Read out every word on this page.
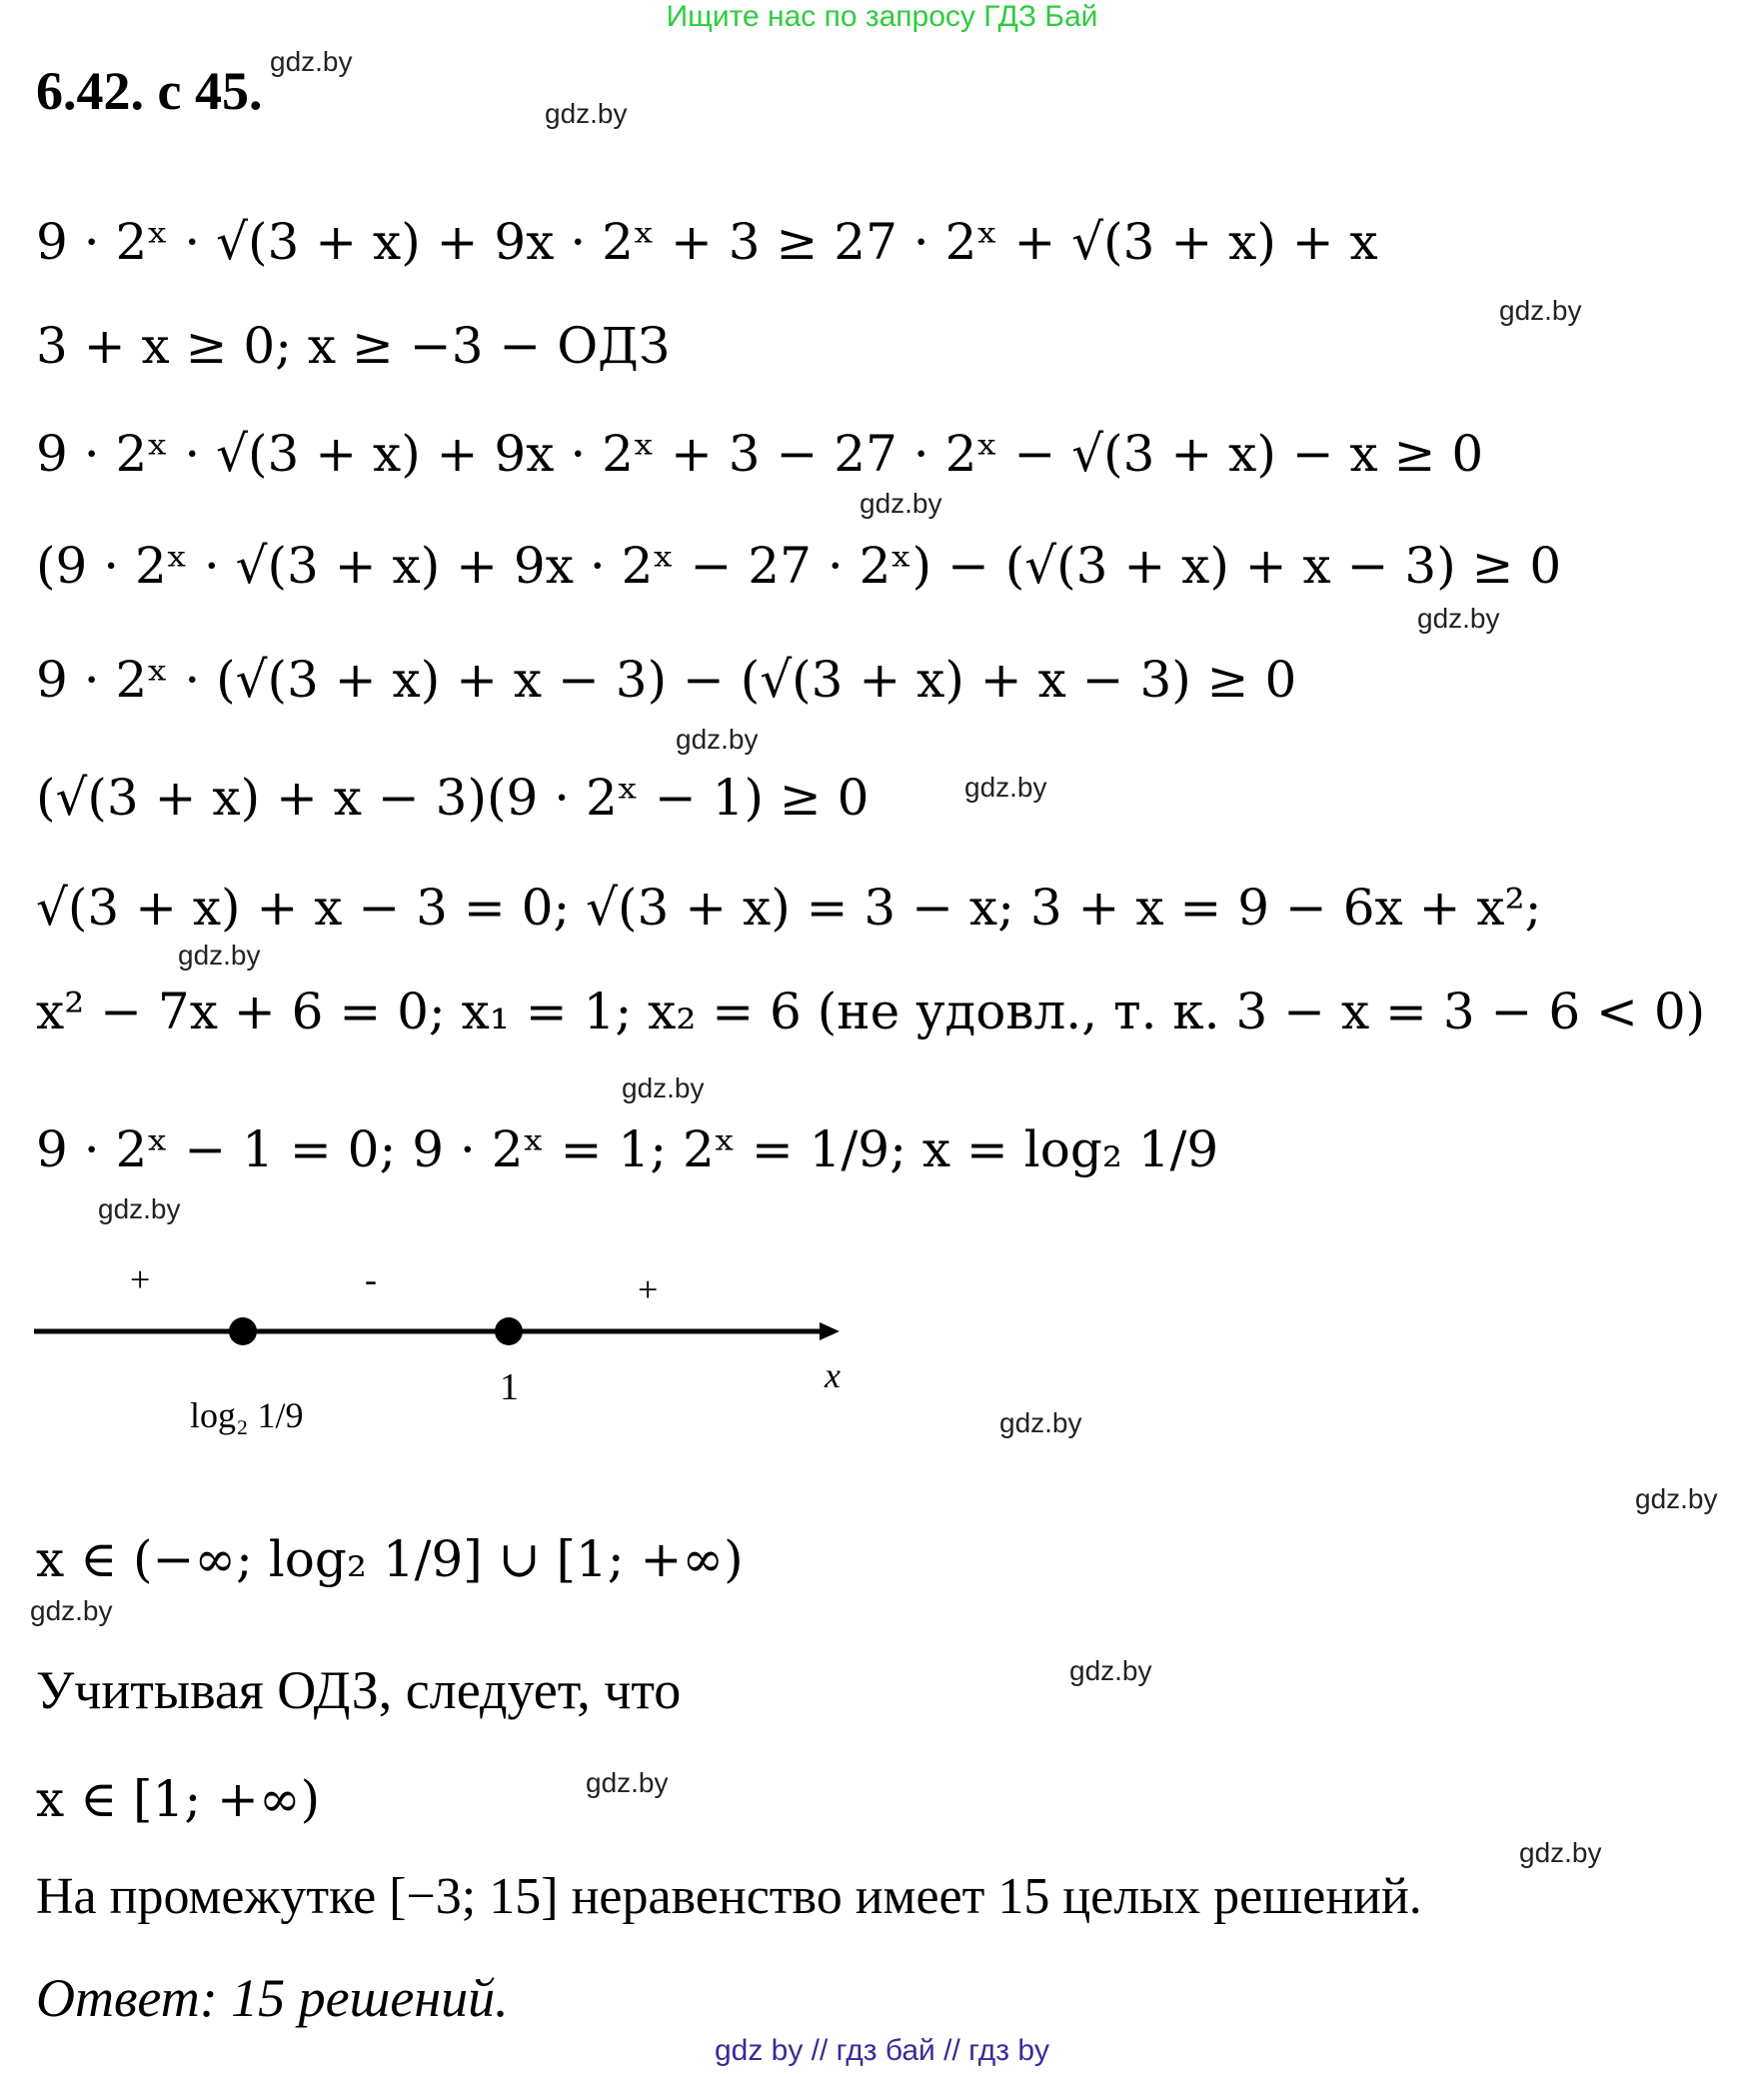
Ищите нас по запросу ГДЗ Бай
6.42. с 45. gdz.by
gdz.by
gdz.by
gdz.by
gdz.by
gdz.by
gdz.by
gdz.by
gdz.by
gdz.by
gdz.by
gdz.by
gdz.by
gdz.by
gdz.by
gdz.by
9 · 2ˣ · √(3 + x) + 9x · 2ˣ + 3 ≥ 27 · 2ˣ + √(3 + x) + x
3 + x ≥ 0; x ≥ −3 − ОДЗ
9 · 2ˣ · √(3 + x) + 9x · 2ˣ + 3 − 27 · 2ˣ − √(3 + x) − x ≥ 0
(9 · 2ˣ · √(3 + x) + 9x · 2ˣ − 27 · 2ˣ) − (√(3 + x) + x − 3) ≥ 0
9 · 2ˣ · (√(3 + x) + x − 3) − (√(3 + x) + x − 3) ≥ 0
(√(3 + x) + x − 3)(9 · 2ˣ − 1) ≥ 0
√(3 + x) + x − 3 = 0; √(3 + x) = 3 − x; 3 + x = 9 − 6x + x²;
x² − 7x + 6 = 0; x₁ = 1; x₂ = 6 (не удовл., т. к. 3 − x = 3 − 6 < 0)
9 · 2ˣ − 1 = 0; 9 · 2ˣ = 1; 2ˣ = 1/9; x = log₂ 1/9
+	-	+
1
log₂ 1/9
x
x ∈ (−∞; log₂ 1/9] ∪ [1; +∞)
Учитывая ОДЗ, следует, что
x ∈ [1; +∞)
На промежутке [−3; 15] неравенство имеет 15 целых решений.
Ответ: 15 решений.
gdz by // гдз бай // гдз by
